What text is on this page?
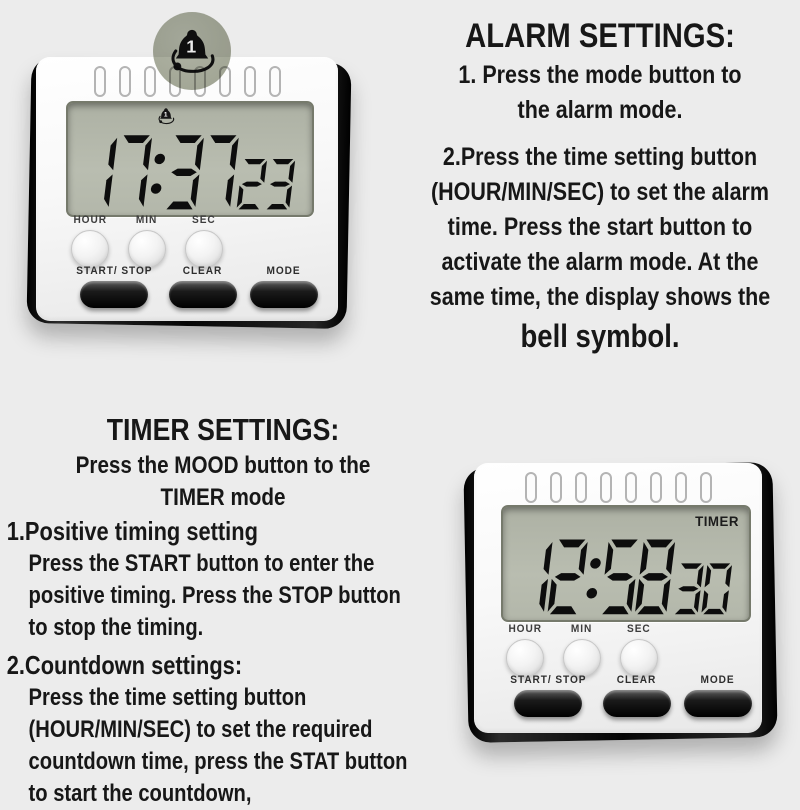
1
HOUR	MIN	SEC
START/ STOP	CLEAR	MODE
1
TIMER
HOUR	MIN	SEC
START/ STOP	CLEAR	MODE
ALARM SETTINGS:
1. Press the mode button to
the alarm mode.
2.Press the time setting button
(HOUR/MIN/SEC) to set the alarm
time. Press the start button to
activate the alarm mode. At the
same time, the display shows the
bell symbol.
TIMER SETTINGS:
Press the MOOD button to the
TIMER mode
1.Positive timing setting
Press the START button to enter the
positive timing. Press the STOP button
to stop the timing.
2.Countdown settings:
Press the time setting button
(HOUR/MIN/SEC) to set the required
countdown time, press the STAT button
to start the countdown,
